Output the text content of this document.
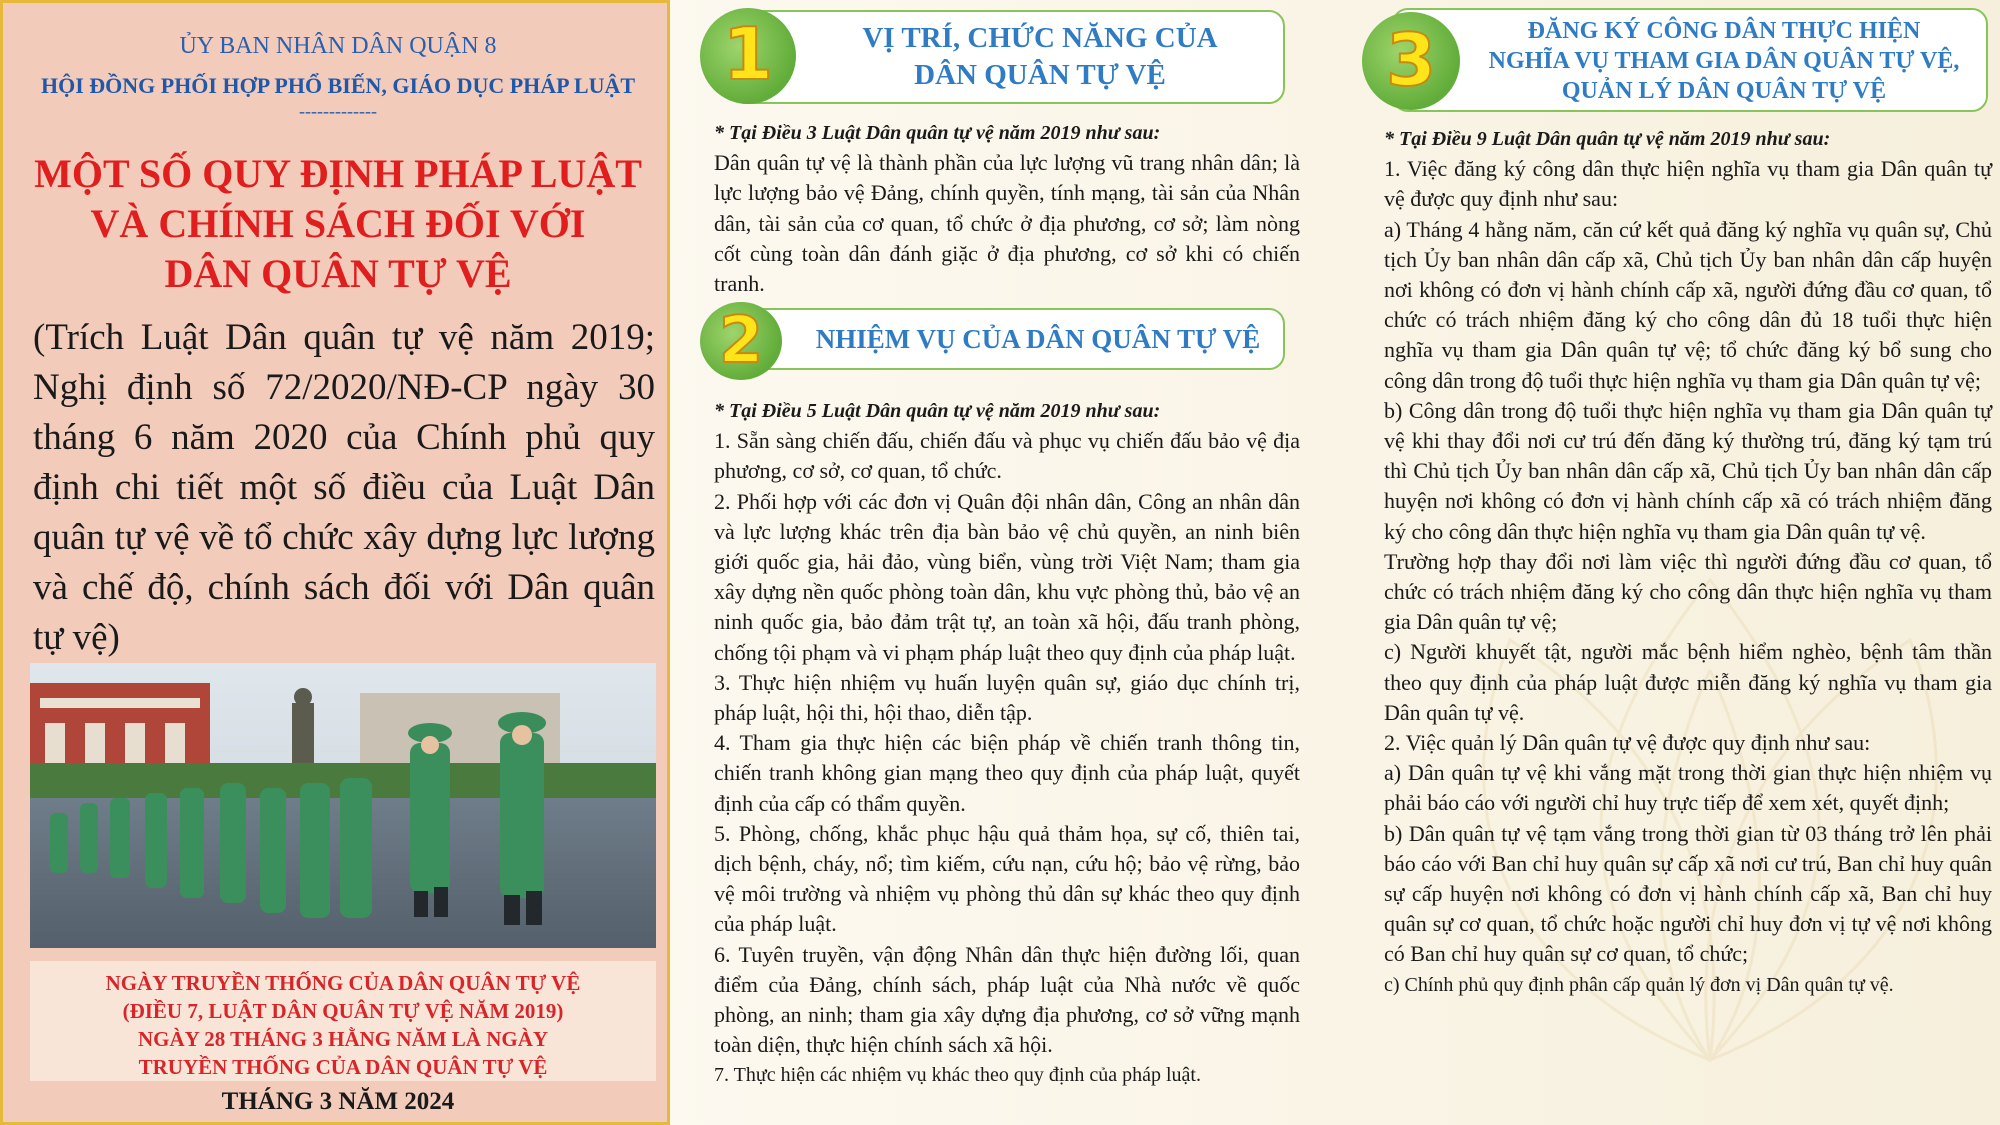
ỦY BAN NHÂN DÂN QUẬN 8
HỘI ĐỒNG PHỐI HỢP PHỔ BIẾN, GIÁO DỤC PHÁP LUẬT
-------------
MỘT SỐ QUY ĐỊNH PHÁP LUẬT
VÀ CHÍNH SÁCH ĐỐI VỚI
DÂN QUÂN TỰ VỆ
(Trích Luật Dân quân tự vệ năm 2019; Nghị định số 72/2020/NĐ-CP ngày 30 tháng 6 năm 2020 của Chính phủ quy định chi tiết một số điều của Luật Dân quân tự vệ về tổ chức xây dựng lực lượng và chế độ, chính sách đối với Dân quân tự vệ)
NGÀY TRUYỀN THỐNG CỦA DÂN QUÂN TỰ VỆ
(ĐIỀU 7, LUẬT DÂN QUÂN TỰ VỆ NĂM 2019)
NGÀY 28 THÁNG 3 HẰNG NĂM LÀ NGÀY
TRUYỀN THỐNG CỦA DÂN QUÂN TỰ VỆ
THÁNG 3 NĂM 2024
1	VỊ TRÍ, CHỨC NĂNG CỦA
DÂN QUÂN TỰ VỆ

* Tại Điều 3 Luật Dân quân tự vệ năm 2019 như sau:

Dân quân tự vệ là thành phần của lực lượng vũ trang nhân dân; là lực lượng bảo vệ Đảng, chính quyền, tính mạng, tài sản của Nhân dân, tài sản của cơ quan, tổ chức ở địa phương, cơ sở; làm nòng cốt cùng toàn dân đánh giặc ở địa phương, cơ sở khi có chiến tranh.

2	NHIỆM VỤ CỦA DÂN QUÂN TỰ VỆ

* Tại Điều 5 Luật Dân quân tự vệ năm 2019 như sau:

1. Sẵn sàng chiến đấu, chiến đấu và phục vụ chiến đấu bảo vệ địa phương, cơ sở, cơ quan, tổ chức.

2. Phối hợp với các đơn vị Quân đội nhân dân, Công an nhân dân và lực lượng khác trên địa bàn bảo vệ chủ quyền, an ninh biên giới quốc gia, hải đảo, vùng biển, vùng trời Việt Nam; tham gia xây dựng nền quốc phòng toàn dân, khu vực phòng thủ, bảo vệ an ninh quốc gia, bảo đảm trật tự, an toàn xã hội, đấu tranh phòng, chống tội phạm và vi phạm pháp luật theo quy định của pháp luật.

3. Thực hiện nhiệm vụ huấn luyện quân sự, giáo dục chính trị, pháp luật, hội thi, hội thao, diễn tập.

4. Tham gia thực hiện các biện pháp về chiến tranh thông tin, chiến tranh không gian mạng theo quy định của pháp luật, quyết định của cấp có thẩm quyền.

5. Phòng, chống, khắc phục hậu quả thảm họa, sự cố, thiên tai, dịch bệnh, cháy, nổ; tìm kiếm, cứu nạn, cứu hộ; bảo vệ rừng, bảo vệ môi trường và nhiệm vụ phòng thủ dân sự khác theo quy định của pháp luật.

6. Tuyên truyền, vận động Nhân dân thực hiện đường lối, quan điểm của Đảng, chính sách, pháp luật của Nhà nước về quốc phòng, an ninh; tham gia xây dựng địa phương, cơ sở vững mạnh toàn diện, thực hiện chính sách xã hội.

7. Thực hiện các nhiệm vụ khác theo quy định của pháp luật.

3	ĐĂNG KÝ CÔNG DÂN THỰC HIỆN
NGHĨA VỤ THAM GIA DÂN QUÂN TỰ VỆ,
QUẢN LÝ DÂN QUÂN TỰ VỆ

* Tại Điều 9 Luật Dân quân tự vệ năm 2019 như sau:

1. Việc đăng ký công dân thực hiện nghĩa vụ tham gia Dân quân tự vệ được quy định như sau:

a) Tháng 4 hằng năm, căn cứ kết quả đăng ký nghĩa vụ quân sự, Chủ tịch Ủy ban nhân dân cấp xã, Chủ tịch Ủy ban nhân dân cấp huyện nơi không có đơn vị hành chính cấp xã, người đứng đầu cơ quan, tổ chức có trách nhiệm đăng ký cho công dân đủ 18 tuổi thực hiện nghĩa vụ tham gia Dân quân tự vệ; tổ chức đăng ký bổ sung cho công dân trong độ tuổi thực hiện nghĩa vụ tham gia Dân quân tự vệ;

b) Công dân trong độ tuổi thực hiện nghĩa vụ tham gia Dân quân tự vệ khi thay đổi nơi cư trú đến đăng ký thường trú, đăng ký tạm trú thì Chủ tịch Ủy ban nhân dân cấp xã, Chủ tịch Ủy ban nhân dân cấp huyện nơi không có đơn vị hành chính cấp xã có trách nhiệm đăng ký cho công dân thực hiện nghĩa vụ tham gia Dân quân tự vệ.

Trường hợp thay đổi nơi làm việc thì người đứng đầu cơ quan, tổ chức có trách nhiệm đăng ký cho công dân thực hiện nghĩa vụ tham gia Dân quân tự vệ;

c) Người khuyết tật, người mắc bệnh hiểm nghèo, bệnh tâm thần theo quy định của pháp luật được miễn đăng ký nghĩa vụ tham gia Dân quân tự vệ.

2. Việc quản lý Dân quân tự vệ được quy định như sau:

a) Dân quân tự vệ khi vắng mặt trong thời gian thực hiện nhiệm vụ phải báo cáo với người chỉ huy trực tiếp để xem xét, quyết định;

b) Dân quân tự vệ tạm vắng trong thời gian từ 03 tháng trở lên phải báo cáo với Ban chỉ huy quân sự cấp xã nơi cư trú, Ban chỉ huy quân sự cấp huyện nơi không có đơn vị hành chính cấp xã, Ban chỉ huy quân sự cơ quan, tổ chức hoặc người chỉ huy đơn vị tự vệ nơi không có Ban chỉ huy quân sự cơ quan, tổ chức;

c) Chính phủ quy định phân cấp quản lý đơn vị Dân quân tự vệ.
